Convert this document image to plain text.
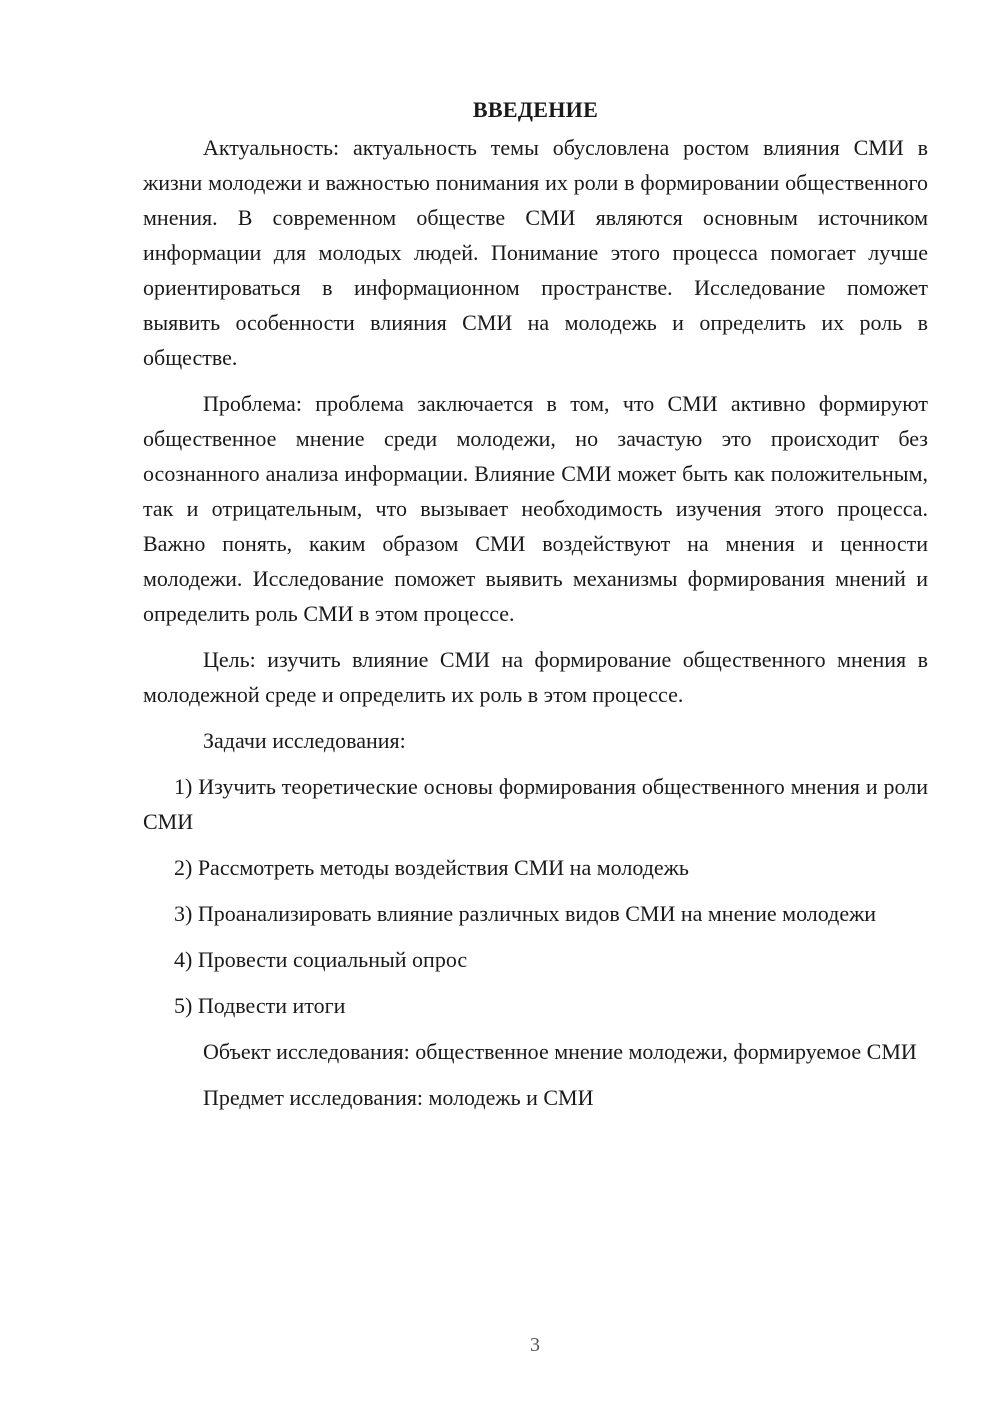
ВВЕДЕНИЕ

Актуальность: актуальность темы обусловлена ростом влияния СМИ в жизни молодежи и важностью понимания их роли в формировании общественного мнения. В современном обществе СМИ являются основным источником информации для молодых людей. Понимание этого процесса помогает лучше ориентироваться в информационном пространстве. Исследование поможет выявить особенности влияния СМИ на молодежь и определить их роль в обществе.

Проблема: проблема заключается в том, что СМИ активно формируют общественное мнение среди молодежи, но зачастую это происходит без осознанного анализа информации. Влияние СМИ может быть как положительным, так и отрицательным, что вызывает необходимость изучения этого процесса. Важно понять, каким образом СМИ воздействуют на мнения и ценности молодежи. Исследование поможет выявить механизмы формирования мнений и определить роль СМИ в этом процессе.

Цель: изучить влияние СМИ на формирование общественного мнения в молодежной среде и определить их роль в этом процессе.

Задачи исследования:

1) Изучить теоретические основы формирования общественного мнения и роли СМИ

2) Рассмотреть методы воздействия СМИ на молодежь

3) Проанализировать влияние различных видов СМИ на мнение молодежи

4) Провести социальный опрос

5) Подвести итоги

Объект исследования: общественное мнение молодежи, формируемое СМИ

Предмет исследования: молодежь и СМИ

3
